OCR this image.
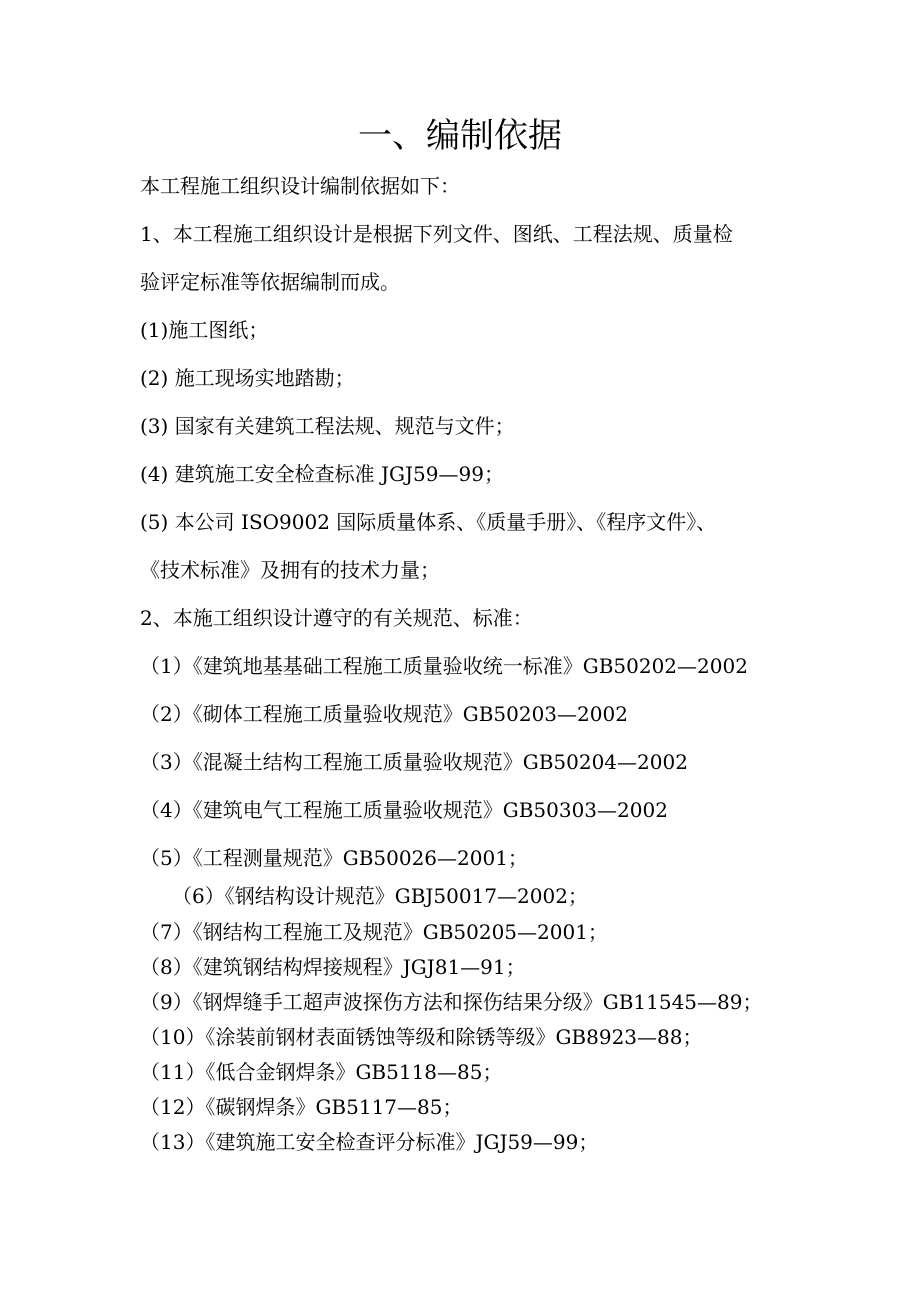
一、编制依据
本工程施工组织设计编制依据如下：
1、本工程施工组织设计是根据下列文件、图纸、工程法规、质量检
验评定标准等依据编制而成。
(1)施工图纸；
(2) 施工现场实地踏勘；
(3) 国家有关建筑工程法规、规范与文件；
(4) 建筑施工安全检查标准 JGJ59—99；
(5) 本公司 ISO9002 国际质量体系、《质量手册》、《程序文件》、
《技术标准》及拥有的技术力量；
2、本施工组织设计遵守的有关规范、标准：
（1）《建筑地基基础工程施工质量验收统一标准》GB50202—2002
（2）《砌体工程施工质量验收规范》GB50203—2002
（3）《混凝土结构工程施工质量验收规范》GB50204—2002
（4）《建筑电气工程施工质量验收规范》GB50303—2002
（5）《工程测量规范》GB50026—2001；
（6）《钢结构设计规范》GBJ50017—2002；
（7）《钢结构工程施工及规范》GB50205—2001；
（8）《建筑钢结构焊接规程》JGJ81—91；
（9）《钢焊缝手工超声波探伤方法和探伤结果分级》GB11545—89；
（10）《涂装前钢材表面锈蚀等级和除锈等级》GB8923—88；
（11）《低合金钢焊条》GB5118—85；
（12）《碳钢焊条》GB5117—85；
（13）《建筑施工安全检查评分标准》JGJ59—99；
